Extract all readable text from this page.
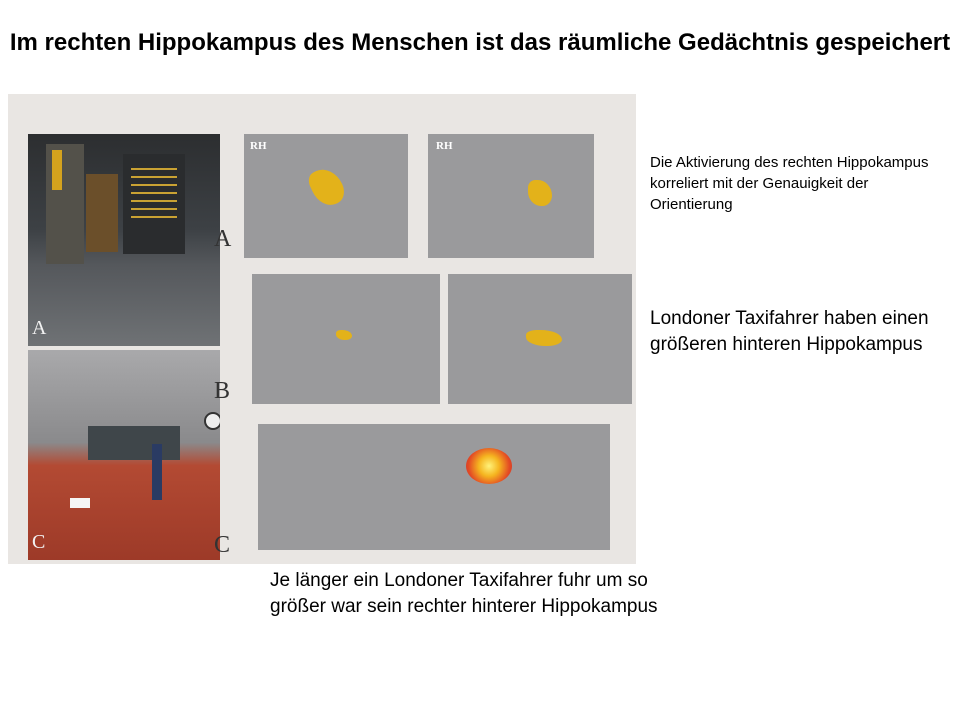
Im rechten Hippokampus des Menschen ist das räumliche Gedächtnis gespeichert
A
C
RH	RH
A
B
C
Die Aktivierung des rechten Hippokampus korreliert mit der Genauigkeit der Orientierung
Londoner Taxifahrer haben einen größeren hinteren Hippokampus
Je länger ein Londoner Taxifahrer fuhr um so größer war sein rechter hinterer Hippokampus
